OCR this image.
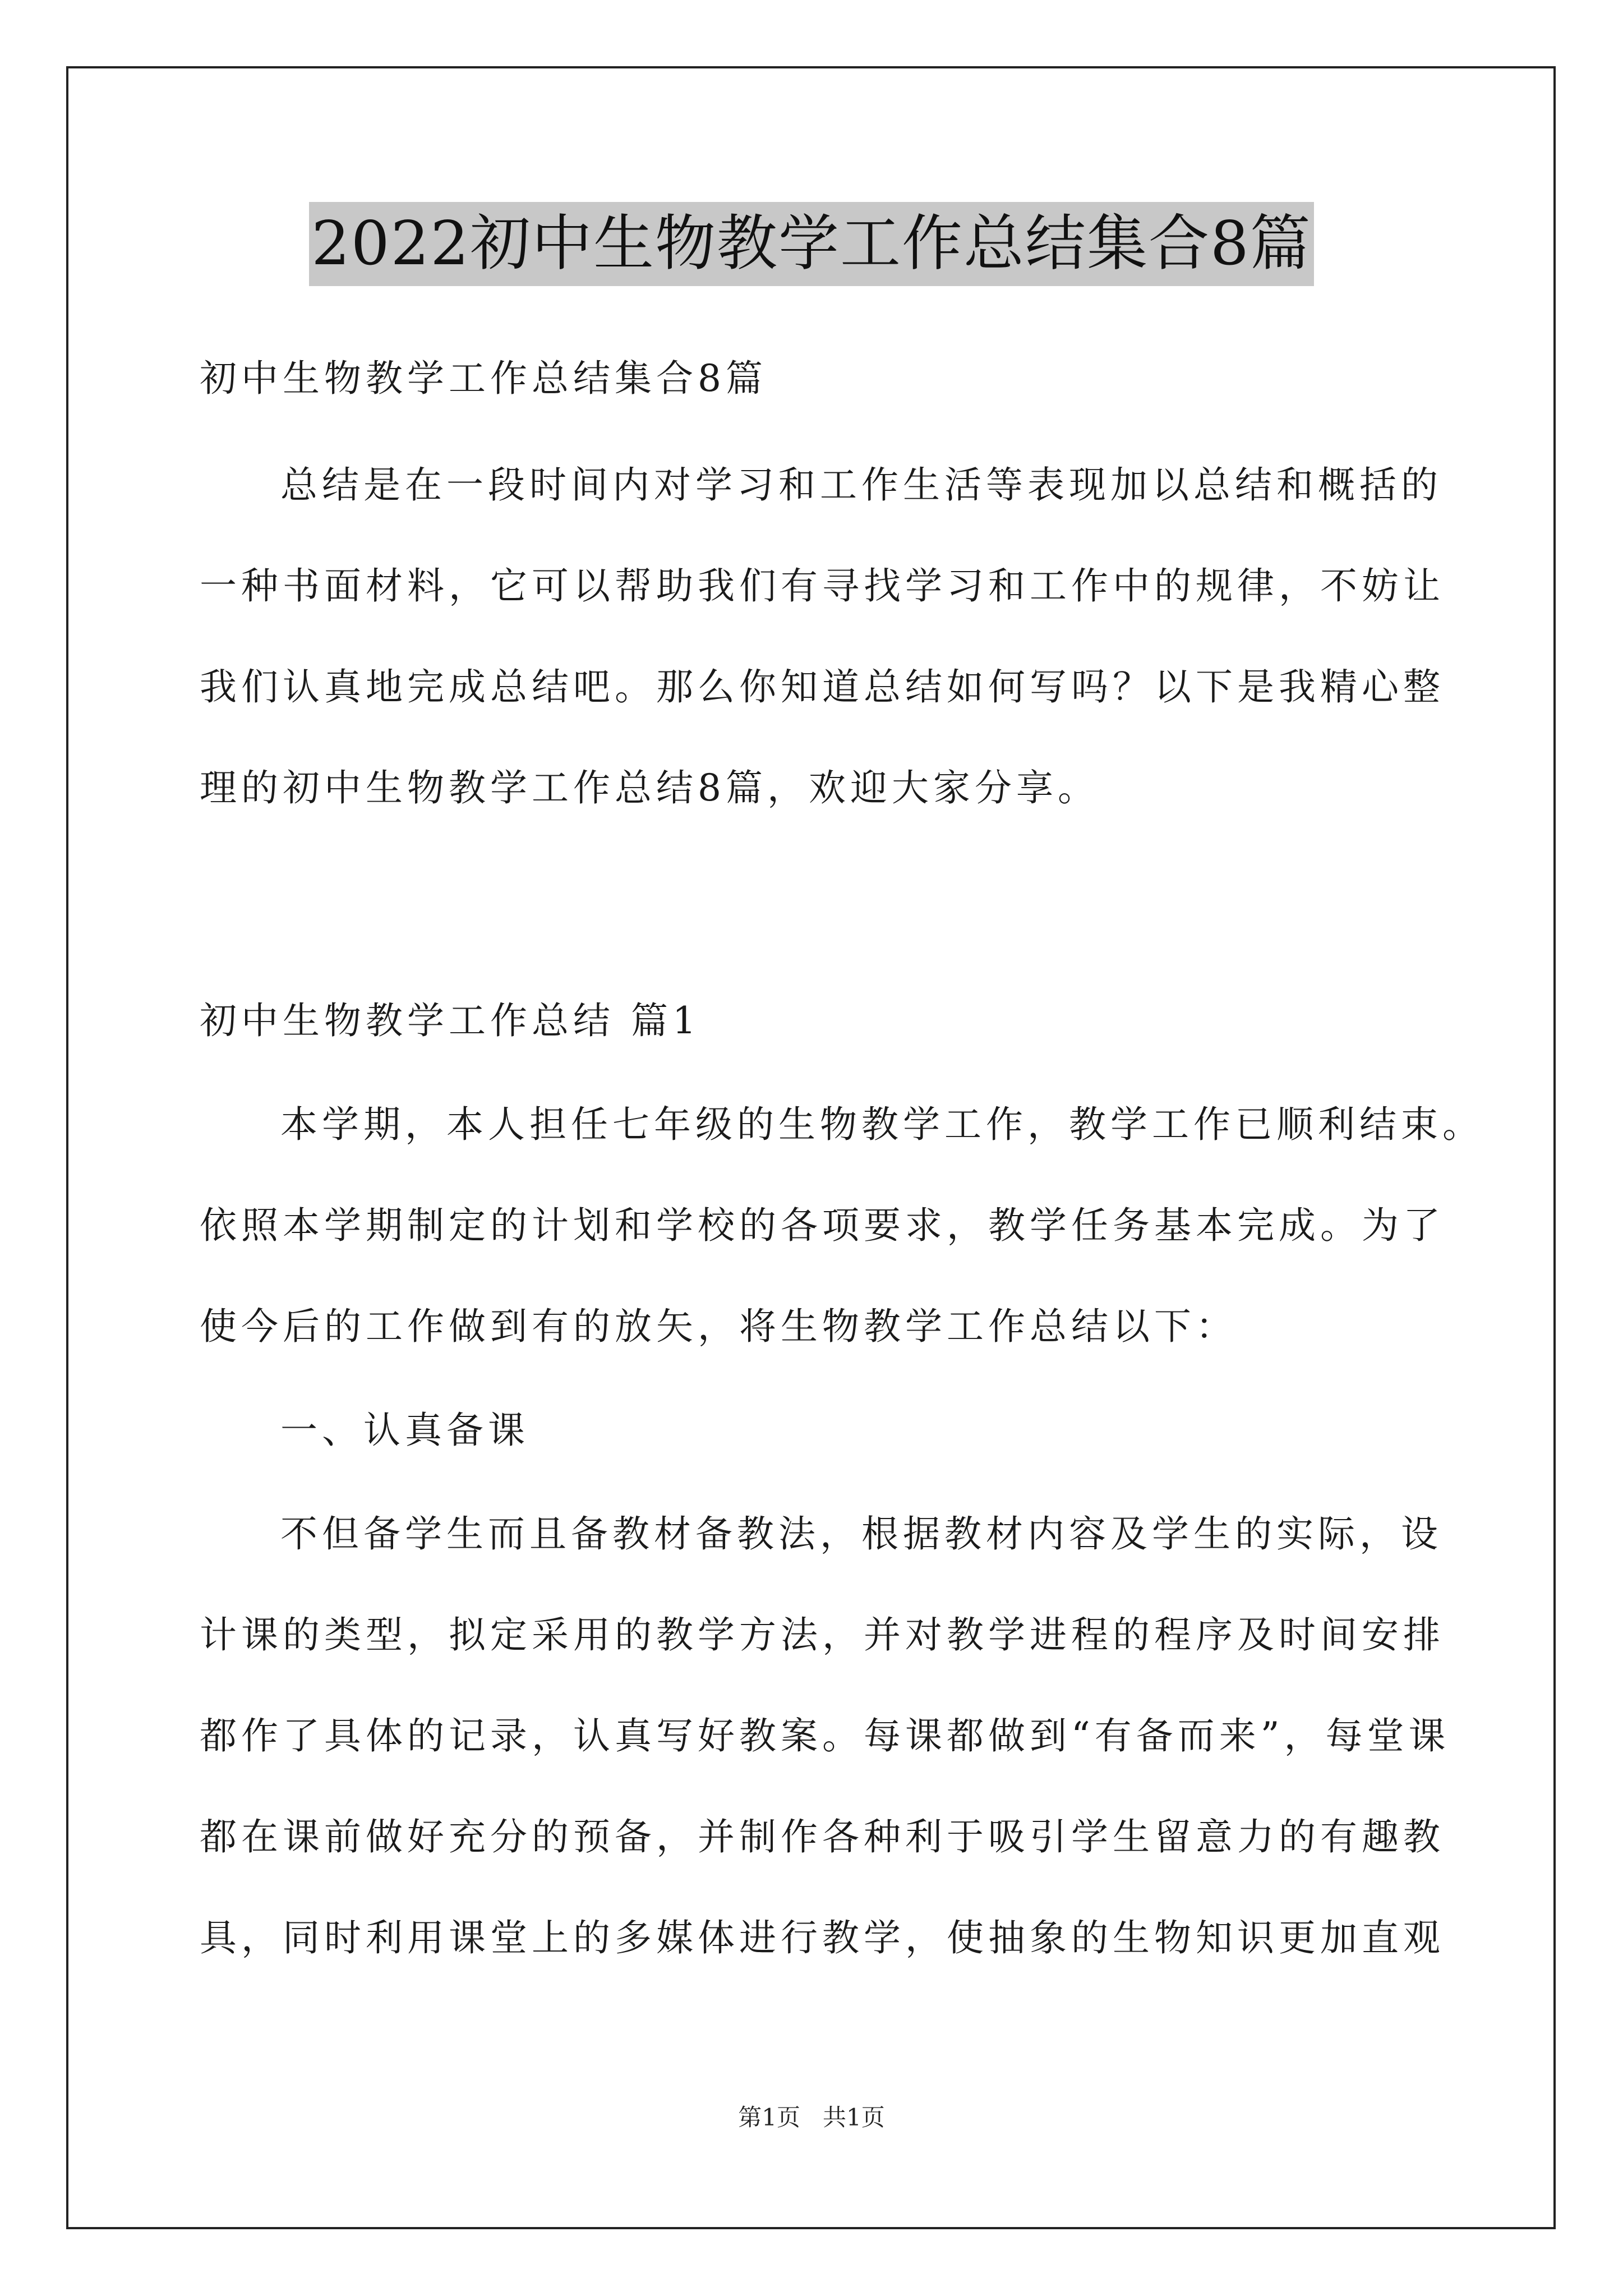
2022初中生物教学工作总结集合8篇
初中生物教学工作总结集合8篇
总结是在一段时间内对学习和工作生活等表现加以总结和概括的
一种书面材料，它可以帮助我们有寻找学习和工作中的规律，不妨让
我们认真地完成总结吧。那么你知道总结如何写吗？以下是我精心整
理的初中生物教学工作总结8篇，欢迎大家分享。
初中生物教学工作总结 篇1
本学期，本人担任七年级的生物教学工作，教学工作已顺利结束。
依照本学期制定的计划和学校的各项要求，教学任务基本完成。为了
使今后的工作做到有的放矢，将生物教学工作总结以下：
一、认真备课
不但备学生而且备教材备教法，根据教材内容及学生的实际，设
计课的类型，拟定采用的教学方法，并对教学进程的程序及时间安排
都作了具体的记录，认真写好教案。每课都做到“有备而来”，每堂课
都在课前做好充分的预备，并制作各种利于吸引学生留意力的有趣教
具，同时利用课堂上的多媒体进行教学，使抽象的生物知识更加直观
第1页   共1页
